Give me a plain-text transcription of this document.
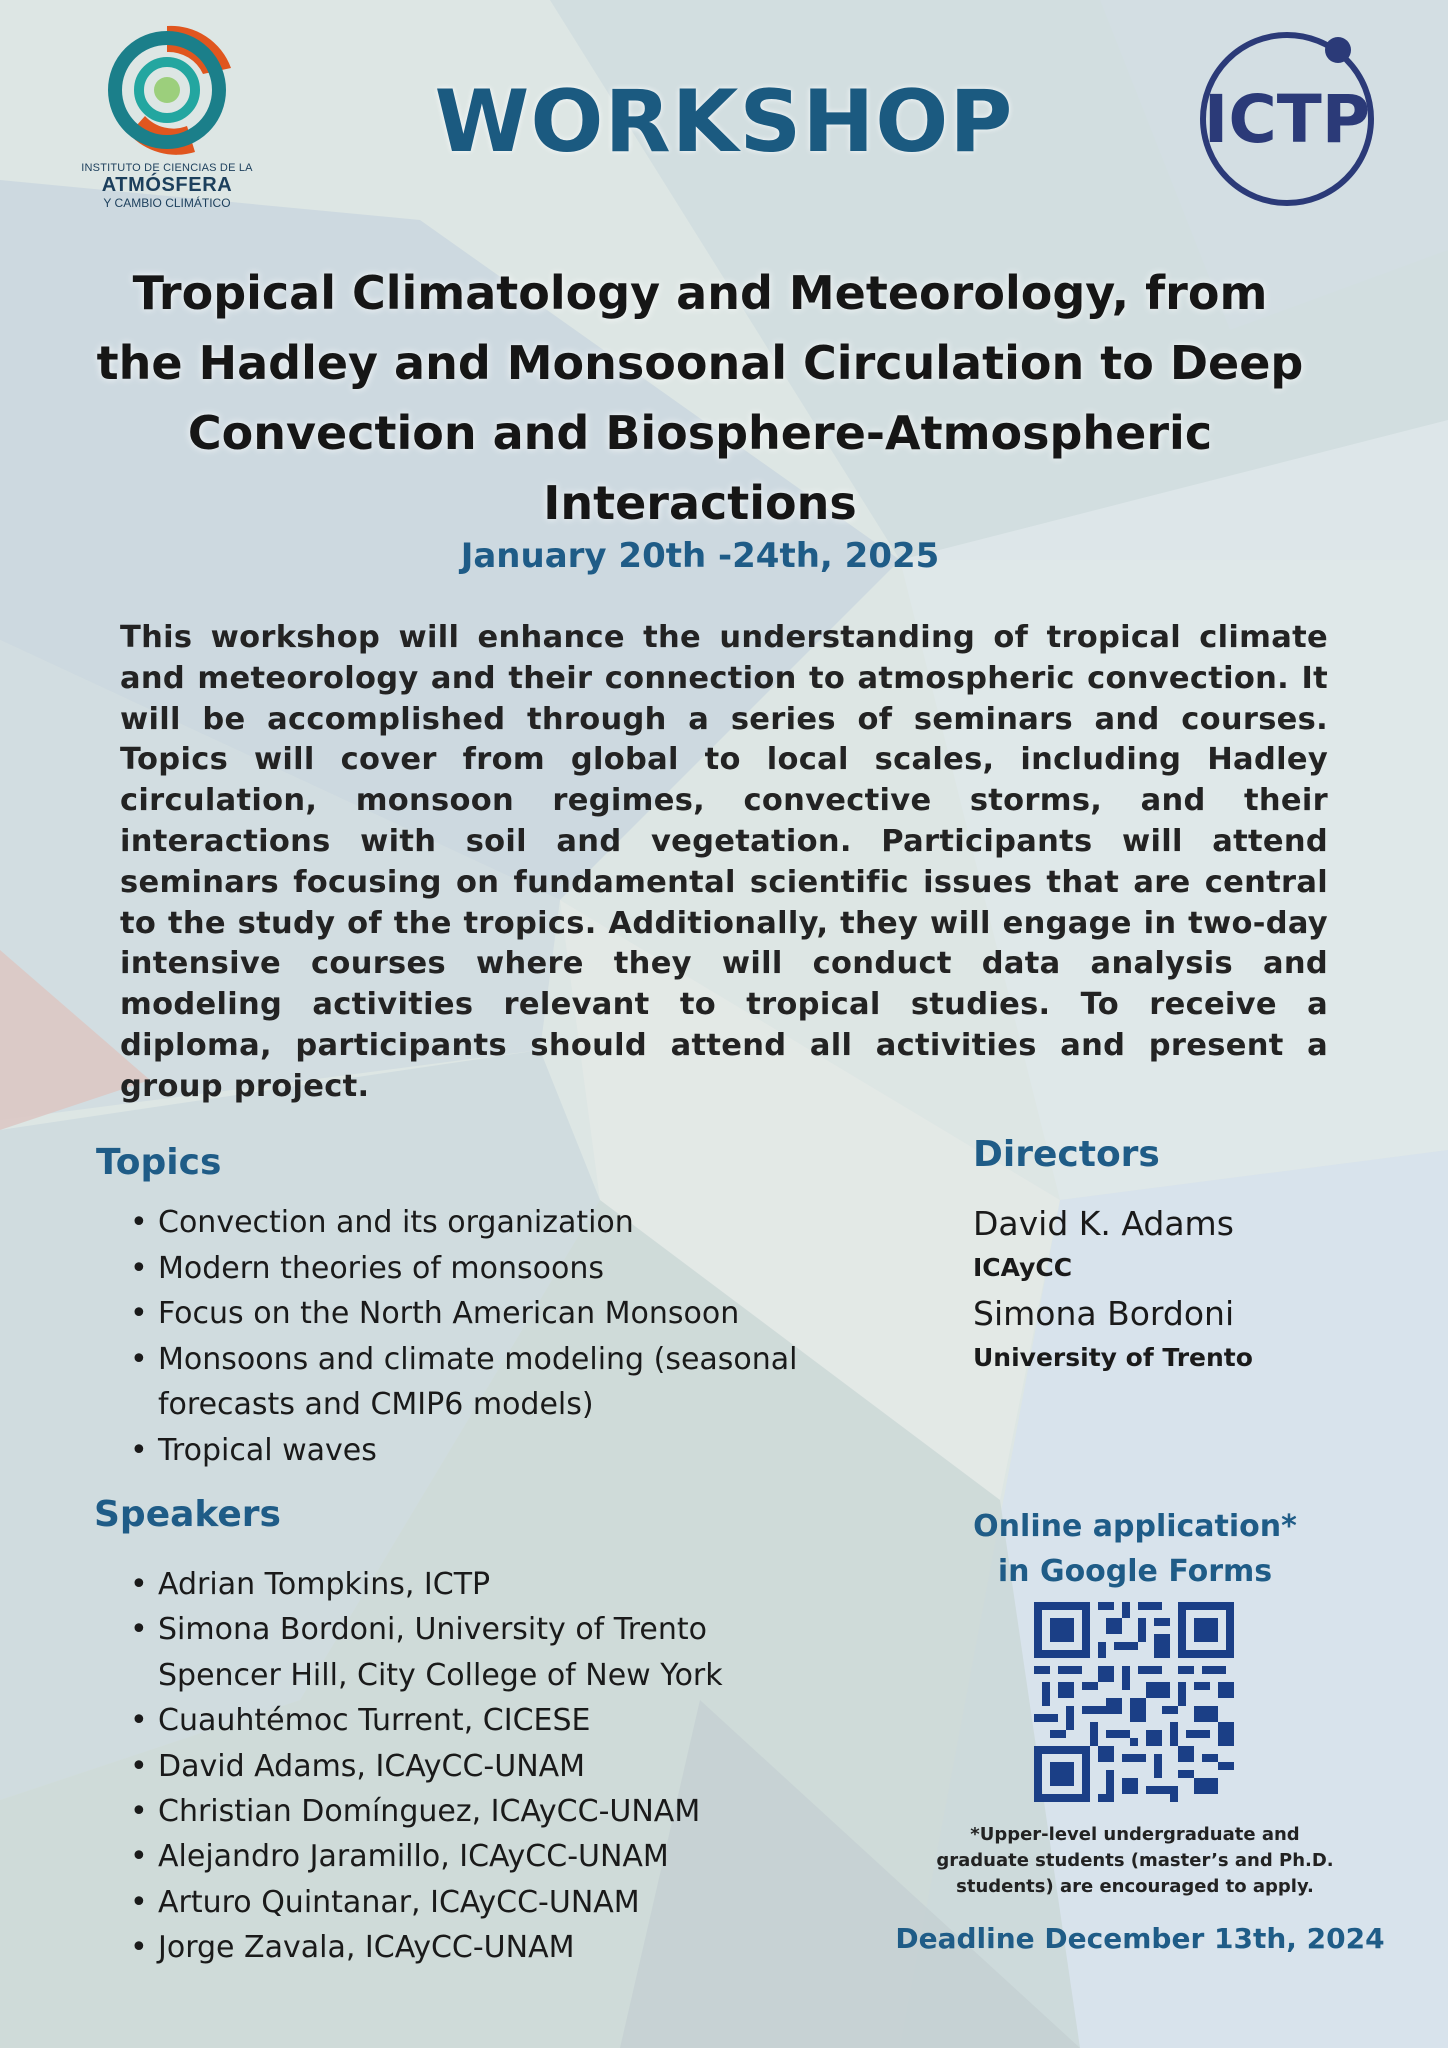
INSTITUTO DE CIENCIAS DE LA
ATMÓSFERA
Y CAMBIO CLIMÁTICO
ICTP
WORKSHOP
Tropical Climatology and Meteorology, from
the Hadley and Monsoonal Circulation to Deep
Convection and Biosphere-Atmospheric
Interactions
January 20th -24th, 2025
This workshop will enhance the understanding of tropical climate and meteorology and their connection to atmospheric convection. It will be accomplished through a series of seminars and courses. Topics will cover from global to local scales, including Hadley circulation, monsoon regimes, convective storms, and their interactions with soil and vegetation. Participants will attend seminars focusing on fundamental scientific issues that are central to the study of the tropics. Additionally, they will engage in two-day intensive courses where they will conduct data analysis and modeling activities relevant to tropical studies. To receive a diploma, participants should attend all activities and present a group project.
Topics
• Convection and its organization
• Modern theories of monsoons
• Focus on the North American Monsoon
• Monsoons and climate modeling (seasonal forecasts and CMIP6 models)
• Tropical waves
Speakers
• Adrian Tompkins, ICTP
• Simona Bordoni, University of Trento
Spencer Hill, City College of New York
• Cuauhtémoc Turrent, CICESE
• David Adams, ICAyCC-UNAM
• Christian Domínguez, ICAyCC-UNAM
• Alejandro Jaramillo, ICAyCC-UNAM
• Arturo Quintanar, ICAyCC-UNAM
• Jorge Zavala, ICAyCC-UNAM
Directors
David K. Adams
ICAyCC
Simona Bordoni
University of Trento
Online application*
in Google Forms
*Upper-level undergraduate and
graduate students (master’s and Ph.D.
students) are encouraged to apply.
Deadline December 13th, 2024
